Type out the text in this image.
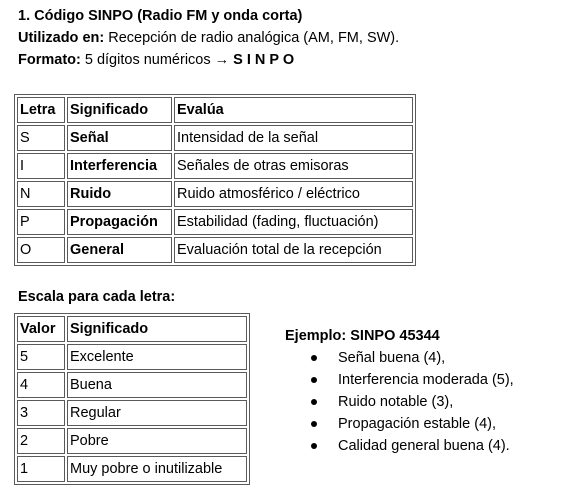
1. Código SINPO (Radio FM y onda corta)
Utilizado en: Recepción de radio analógica (AM, FM, SW).
Formato: 5 dígitos numéricos → S I N P O
Letra	Significado	Evalúa
S	Señal	Intensidad de la señal
I	Interferencia	Señales de otras emisoras
N	Ruido	Ruido atmosférico / eléctrico
P	Propagación	Estabilidad (fading, fluctuación)
O	General	Evaluación total de la recepción
Escala para cada letra:
Valor	Significado
5	Excelente
4	Buena
3	Regular
2	Pobre
1	Muy pobre o inutilizable
Ejemplo: SINPO 45344
Señal buena (4),
Interferencia moderada (5),
Ruido notable (3),
Propagación estable (4),
Calidad general buena (4).
